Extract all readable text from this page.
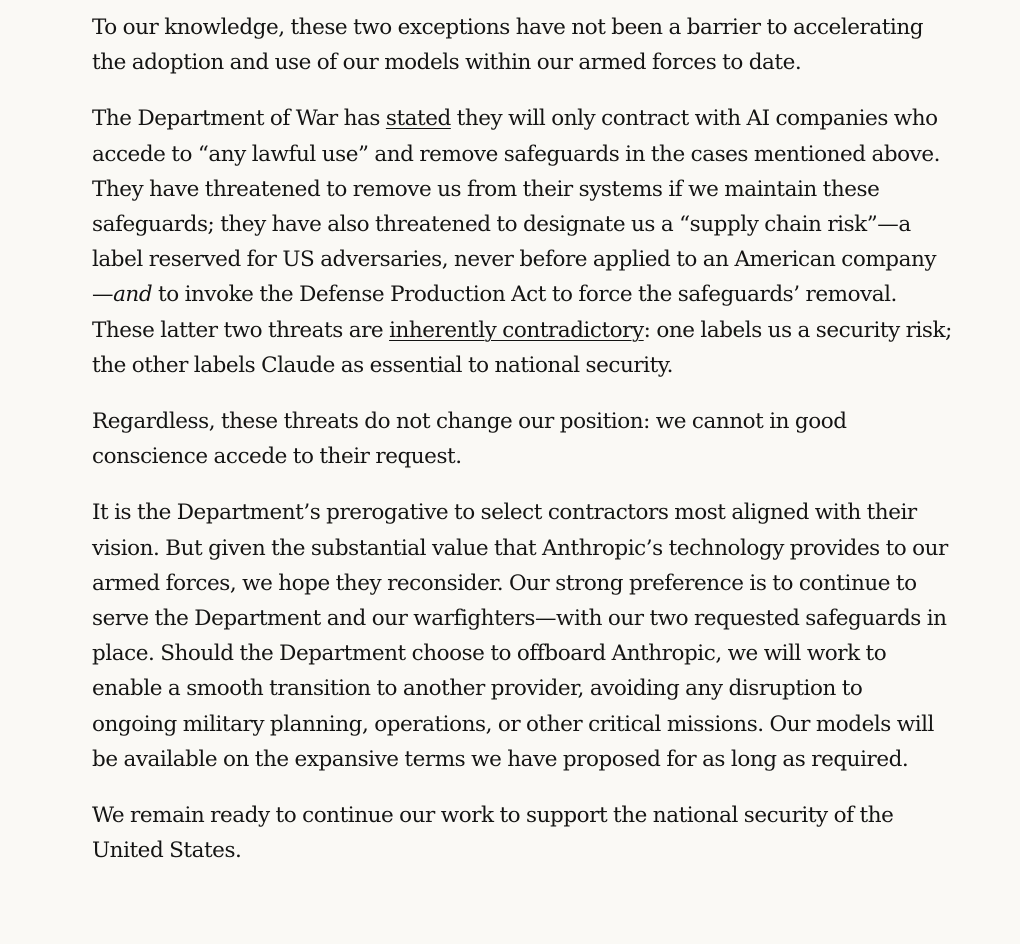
To our knowledge, these two exceptions have not been a barrier to accelerating the adoption and use of our models within our armed forces to date.

The Department of War has stated they will only contract with AI companies who accede to “any lawful use” and remove safeguards in the cases mentioned above. They have threatened to remove us from their systems if we maintain these safeguards; they have also threatened to designate us a “supply chain risk”—a label reserved for US adversaries, never before applied to an American company—and to invoke the Defense Production Act to force the safeguards’ removal. These latter two threats are inherently contradictory: one labels us a security risk; the other labels Claude as essential to national security.

Regardless, these threats do not change our position: we cannot in good conscience accede to their request.

It is the Department’s prerogative to select contractors most aligned with their vision. But given the substantial value that Anthropic’s technology provides to our armed forces, we hope they reconsider. Our strong preference is to continue to serve the Department and our warfighters—with our two requested safeguards in place. Should the Department choose to offboard Anthropic, we will work to enable a smooth transition to another provider, avoiding any disruption to ongoing military planning, operations, or other critical missions. Our models will be available on the expansive terms we have proposed for as long as required.

We remain ready to continue our work to support the national security of the United States.
